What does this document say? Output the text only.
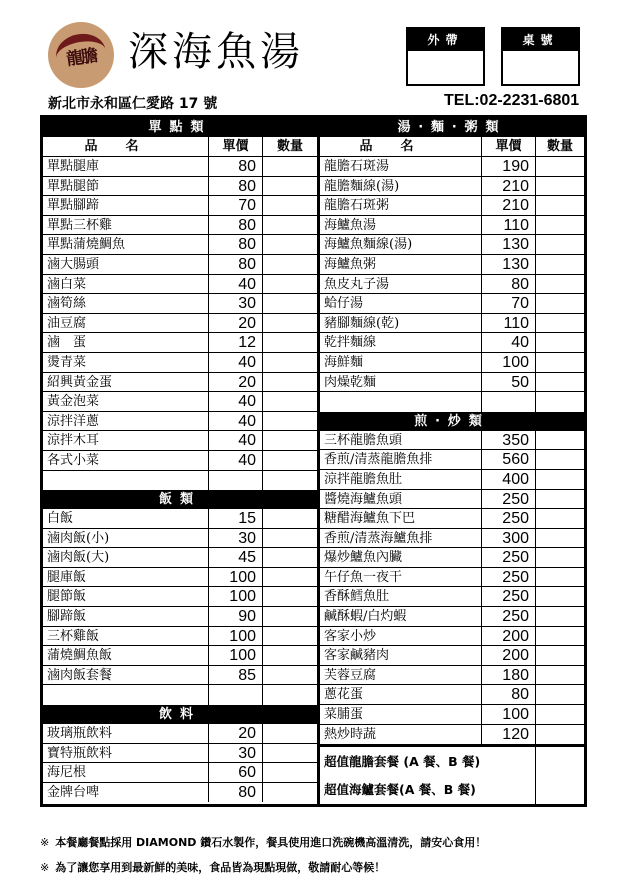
龍膽 深海魚湯	外帶	桌號
新北市永和區仁愛路 17 號	TEL:02-2231-6801
單點類
品名	單價	數量
單點腿庫	80
單點腿節	80
單點腳蹄	70
單點三杯雞	80
單點蒲燒鯛魚	80
滷大腸頭	80
滷白菜	40
滷筍絲	30
油豆腐	20
滷　蛋	12
燙青菜	40
紹興黃金蛋	20
黃金泡菜	40
涼拌洋蔥	40
涼拌木耳	40
各式小菜	40
飯類
白飯	15
滷肉飯(小)	30
滷肉飯(大)	45
腿庫飯	100
腿節飯	100
腳蹄飯	90
三杯雞飯	100
蒲燒鯛魚飯	100
滷肉飯套餐	85
飲料
玻璃瓶飲料	20
寶特瓶飲料	30
海尼根	60
金牌台啤	80
湯‧麵‧粥類
品名	單價	數量
龍膽石斑湯	190
龍膽麵線(湯)	210
龍膽石斑粥	210
海鱸魚湯	110
海鱸魚麵線(湯)	130
海鱸魚粥	130
魚皮丸子湯	80
蛤仔湯	70
豬腳麵線(乾)	110
乾拌麵線	40
海鮮麵	100
肉燥乾麵	50
煎‧炒類
三杯龍膽魚頭	350
香煎/清蒸龍膽魚排	560
涼拌龍膽魚肚	400
醬燒海鱸魚頭	250
糖醋海鱸魚下巴	250
香煎/清蒸海鱸魚排	300
爆炒鱸魚內臟	250
午仔魚一夜干	250
香酥鱈魚肚	250
鹹酥蝦/白灼蝦	250
客家小炒	200
客家鹹豬肉	200
芙蓉豆腐	180
蔥花蛋	80
菜脯蛋	100
熱炒時蔬	120
超值龍膽套餐 (A 餐、B 餐)
超值海鱸套餐(A 餐、B 餐)
※ 本餐廳餐點採用 DIAMOND 鑽石水製作，餐具使用進口洗碗機高溫清洗，請安心食用！
※ 為了讓您享用到最新鮮的美味，食品皆為現點現做，敬請耐心等候！
